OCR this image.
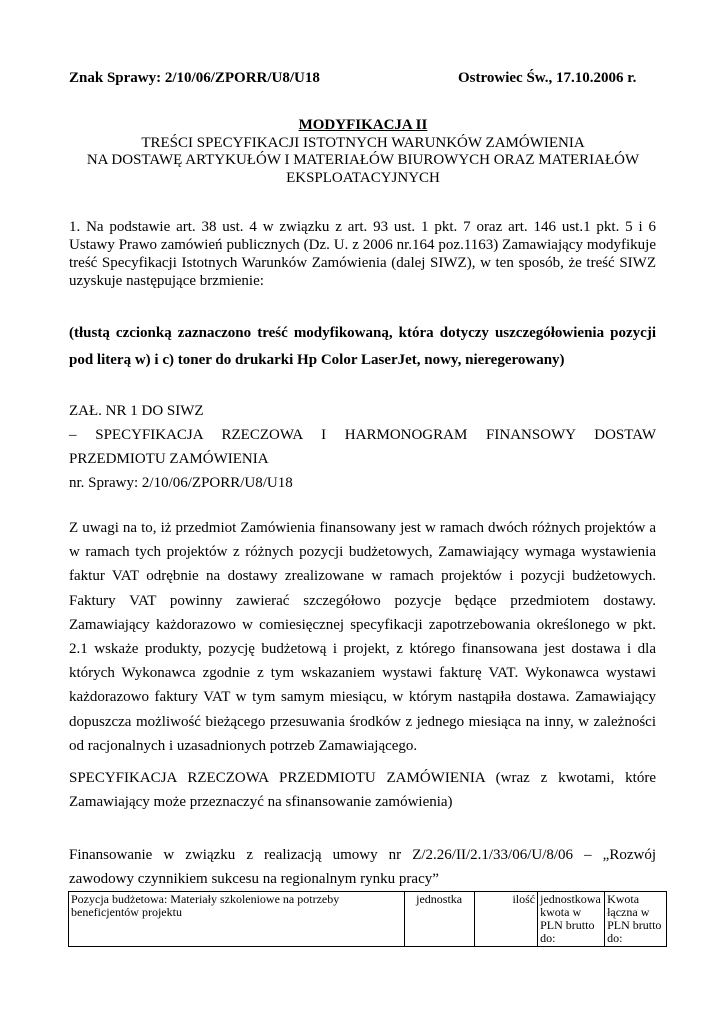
Znak Sprawy: 2/10/06/ZPORR/U8/U18	Ostrowiec Św., 17.10.2006 r.
MODYFIKACJA II
TREŚCI SPECYFIKACJI ISTOTNYCH WARUNKÓW ZAMÓWIENIA
NA DOSTAWĘ ARTYKUŁÓW I MATERIAŁÓW BIUROWYCH ORAZ MATERIAŁÓW
EKSPLOATACYJNYCH

1. Na podstawie art. 38 ust. 4 w związku z art. 93 ust. 1 pkt. 7 oraz art. 146 ust.1 pkt. 5 i 6 Ustawy Prawo zamówień publicznych (Dz. U. z 2006 nr.164 poz.1163) Zamawiający modyfikuje treść Specyfikacji Istotnych Warunków Zamówienia (dalej SIWZ), w ten sposób, że treść SIWZ uzyskuje następujące brzmienie:

(tłustą czcionką zaznaczono treść modyfikowaną, która dotyczy uszczegółowienia pozycji pod literą w) i c) toner do drukarki Hp Color LaserJet, nowy, nieregerowany)

ZAŁ. NR 1 DO SIWZ
– SPECYFIKACJA RZECZOWA I HARMONOGRAM FINANSOWY DOSTAW
PRZEDMIOTU ZAMÓWIENIA
nr. Sprawy: 2/10/06/ZPORR/U8/U18

Z uwagi na to, iż przedmiot Zamówienia finansowany jest w ramach dwóch różnych projektów a w ramach tych projektów z różnych pozycji budżetowych, Zamawiający wymaga wystawienia faktur VAT odrębnie na dostawy zrealizowane w ramach projektów i pozycji budżetowych. Faktury VAT powinny zawierać szczegółowo pozycje będące przedmiotem dostawy. Zamawiający każdorazowo w comiesięcznej specyfikacji zapotrzebowania określonego w pkt. 2.1 wskaże produkty, pozycję budżetową i projekt, z którego finansowana jest dostawa i dla których Wykonawca zgodnie z tym wskazaniem wystawi fakturę VAT. Wykonawca wystawi każdorazowo faktury VAT w tym samym miesiącu, w którym nastąpiła dostawa. Zamawiający dopuszcza możliwość bieżącego przesuwania środków z jednego miesiąca na inny, w zależności od racjonalnych i uzasadnionych potrzeb Zamawiającego.

SPECYFIKACJA RZECZOWA PRZEDMIOTU ZAMÓWIENIA (wraz z kwotami, które Zamawiający może przeznaczyć na sfinansowanie zamówienia)

Finansowanie w związku z realizacją umowy nr Z/2.26/II/2.1/33/06/U/8/06 – „Rozwój zawodowy czynnikiem sukcesu na regionalnym rynku pracy”

Pozycja budżetowa: Materiały szkoleniowe na potrzeby beneficjentów projektu	jednostka	ilość	jednostkowa kwota w PLN brutto do:	Kwota łączna w PLN brutto do:
